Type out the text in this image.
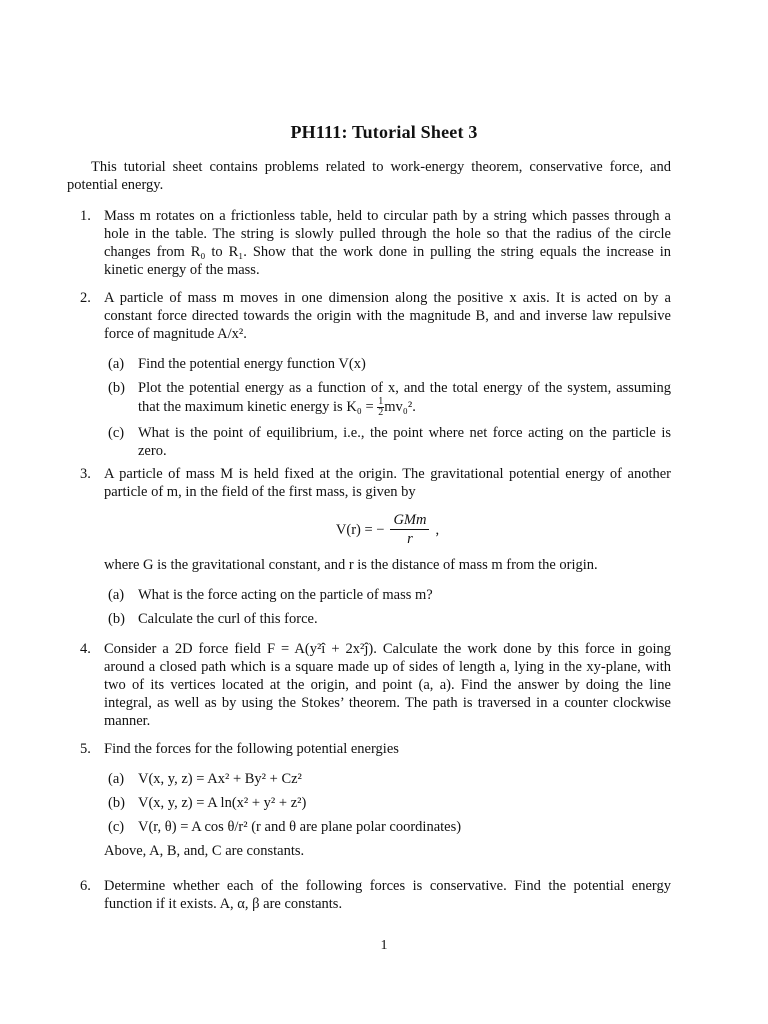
PH111: Tutorial Sheet 3
This tutorial sheet contains problems related to work-energy theorem, conservative force, and potential energy.
1. Mass m rotates on a frictionless table, held to circular path by a string which passes through a hole in the table. The string is slowly pulled through the hole so that the radius of the circle changes from R₀ to R₁. Show that the work done in pulling the string equals the increase in kinetic energy of the mass.
2. A particle of mass m moves in one dimension along the positive x axis. It is acted on by a constant force directed towards the origin with the magnitude B, and and inverse law repulsive force of magnitude A/x².
(a) Find the potential energy function V(x)
(b) Plot the potential energy as a function of x, and the total energy of the system, assuming that the maximum kinetic energy is $K_0 = \frac{1}{2} mv_0^2$.
(c) What is the point of equilibrium, i.e., the point where net force acting on the particle is zero.
3. A particle of mass M is held fixed at the origin. The gravitational potential energy of another particle of m, in the field of the first mass, is given by
V(r) = − $\frac{\text{GMm}}{r}$ ,
where G is the gravitational constant, and r is the distance of mass m from the origin.
(a) What is the force acting on the particle of mass m?
(b) Calculate the curl of this force.
4. Consider a 2D force field F = A(y²î + 2x²ĵ). Calculate the work done by this force in going around a closed path which is a square made up of sides of length a, lying in the xy-plane, with two of its vertices located at the origin, and point (a, a). Find the answer by doing the line integral, as well as by using the Stokes’ theorem. The path is traversed in a counter clockwise manner.
5. Find the forces for the following potential energies
(a) V(x, y, z) = Ax² + By² + Cz²
(b) V(x, y, z) = A ln(x² + y² + z²)
(c) V(r, θ) = A cos θ/r² (r and θ are plane polar coordinates)
Above, A, B, and, C are constants.
6. Determine whether each of the following forces is conservative. Find the potential energy function if it exists. A, α, β are constants.
1
